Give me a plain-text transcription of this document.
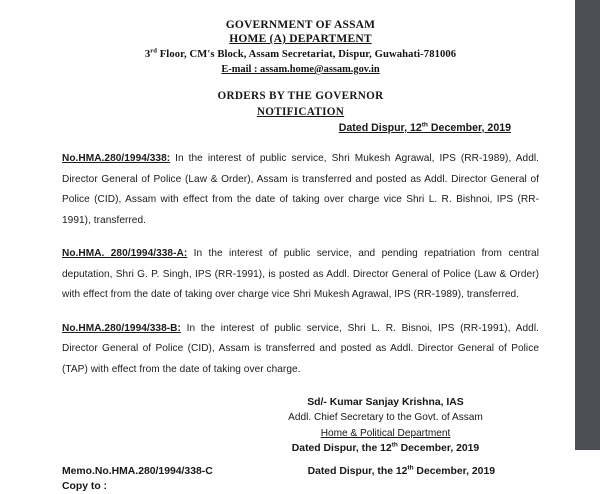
GOVERNMENT OF ASSAM
HOME (A) DEPARTMENT
3rd Floor, CM's Block, Assam Secretariat, Dispur, Guwahati-781006
E-mail : assam.home@assam.gov.in
ORDERS BY THE GOVERNOR
NOTIFICATION
Dated Dispur, 12th December, 2019
No.HMA.280/1994/338: In the interest of public service, Shri Mukesh Agrawal, IPS (RR-1989), Addl. Director General of Police (Law & Order), Assam is transferred and posted as Addl. Director General of Police (CID), Assam with effect from the date of taking over charge vice Shri L. R. Bishnoi, IPS (RR-1991), transferred.
No.HMA. 280/1994/338-A: In the interest of public service, and pending repatriation from central deputation, Shri G. P. Singh, IPS (RR-1991), is posted as Addl. Director General of Police (Law & Order) with effect from the date of taking over charge vice Shri Mukesh Agrawal, IPS (RR-1989), transferred.
No.HMA.280/1994/338-B: In the interest of public service, Shri L. R. Bisnoi, IPS (RR-1991), Addl. Director General of Police (CID), Assam is transferred and posted as Addl. Director General of Police (TAP) with effect from the date of taking over charge.
Sd/- Kumar Sanjay Krishna, IAS
Addl. Chief Secretary to the Govt. of Assam
Home & Political Department
Dated Dispur, the 12th December, 2019
Memo.No.HMA.280/1994/338-C
Copy to :
Dated Dispur, the 12th December, 2019
